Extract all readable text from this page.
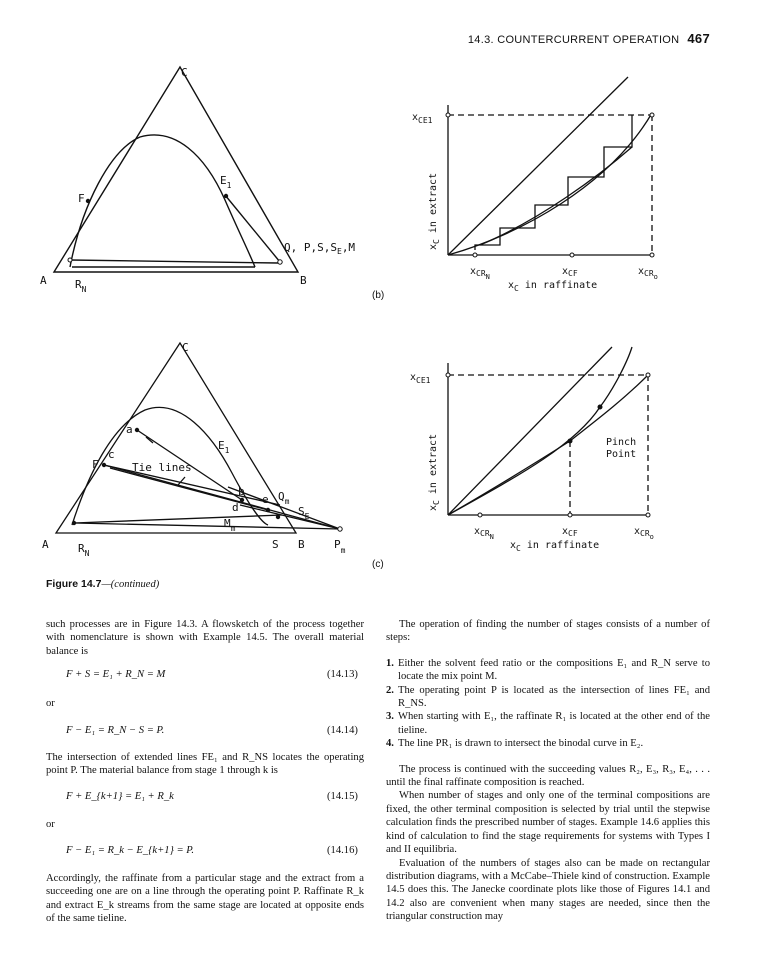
14.3. COUNTERCURRENT OPERATION 467
C
A	B
F
$E_1$
$R_N$
Q, $P,S,S_E,M$
(b)
$x_{CE1}$
$x_C$ in extract
$x_{CRN}$	$x_{CF}$	$x_{CRo}$
$x_C$ in raffinate
C
A	B
S
F
c
a
b
d
e
$E_1$
Tie lines
$Q_m$
$S_E$
$M_m$
$R_N$
$P_m$
(c)
$x_{CE1}$
$x_C$ in extract	Pinch
Point
$x_{CRN}$	$x_{CF}$	$x_{CRo}$
$x_C$ in raffinate
Figure 14.7—(continued)

such processes are in Figure 14.3. A flowsketch of the process together with nomenclature is shown with Example 14.5. The overall material balance is

F + S = E₁ + R_N = M	(14.13)
or
F − E₁ = R_N − S = P.	(14.14)
The intersection of extended lines FE₁ and R_NS locates the operating point P. The material balance from stage 1 through k is
F + E_{k+1} = E₁ + R_k	(14.15)
or
F − E₁ = R_k − E_{k+1} = P.	(14.16)
Accordingly, the raffinate from a particular stage and the extract from a succeeding one are on a line through the operating point P. Raffinate R_k and extract E_k streams from the same stage are located at opposite ends of the same tieline.

The operation of finding the number of stages consists of a number of steps:

1. Either the solvent feed ratio or the compositions E₁ and R_N serve to locate the mix point M.

2. The operating point P is located as the intersection of lines FE₁ and R_NS.

3. When starting with E₁, the raffinate R₁ is located at the other end of the tieline.

4. The line PR₁ is drawn to intersect the binodal curve in E₂.

The process is continued with the succeeding values R₂, E₃, R₃, E₄, . . . until the final raffinate composition is reached.

When number of stages and only one of the terminal compositions are fixed, the other terminal composition is selected by trial until the stepwise calculation finds the prescribed number of stages. Example 14.6 applies this kind of calculation to find the stage requirements for systems with Types I and II equilibria.

Evaluation of the numbers of stages also can be made on rectangular distribution diagrams, with a McCabe–Thiele kind of construction. Example 14.5 does this. The Janecke coordinate plots like those of Figures 14.1 and 14.2 also are convenient when many stages are needed, since then the triangular construction may
